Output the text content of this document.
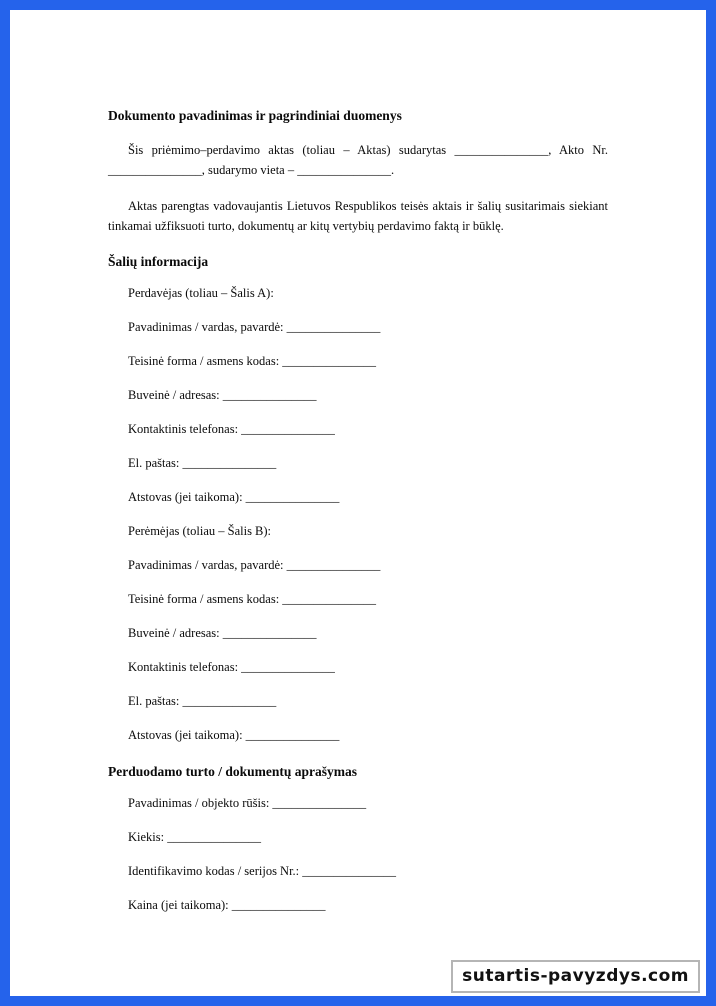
Dokumento pavadinimas ir pagrindiniai duomenys

Šis priėmimo–perdavimo aktas (toliau – Aktas) sudarytas _______________, Akto Nr. _______________, sudarymo vieta – _______________.

Aktas parengtas vadovaujantis Lietuvos Respublikos teisės aktais ir šalių susitarimais siekiant tinkamai užfiksuoti turto, dokumentų ar kitų vertybių perdavimo faktą ir būklę.

Šalių informacija
Perdavėjas (toliau – Šalis A):
Pavadinimas / vardas, pavardė: _______________
Teisinė forma / asmens kodas: _______________
Buveinė / adresas: _______________
Kontaktinis telefonas: _______________
El. paštas: _______________
Atstovas (jei taikoma): _______________
Perėmėjas (toliau – Šalis B):
Pavadinimas / vardas, pavardė: _______________
Teisinė forma / asmens kodas: _______________
Buveinė / adresas: _______________
Kontaktinis telefonas: _______________
El. paštas: _______________
Atstovas (jei taikoma): _______________
Perduodamo turto / dokumentų aprašymas
Pavadinimas / objekto rūšis: _______________
Kiekis: _______________
Identifikavimo kodas / serijos Nr.: _______________
Kaina (jei taikoma): _______________
sutartis-pavyzdys.com
